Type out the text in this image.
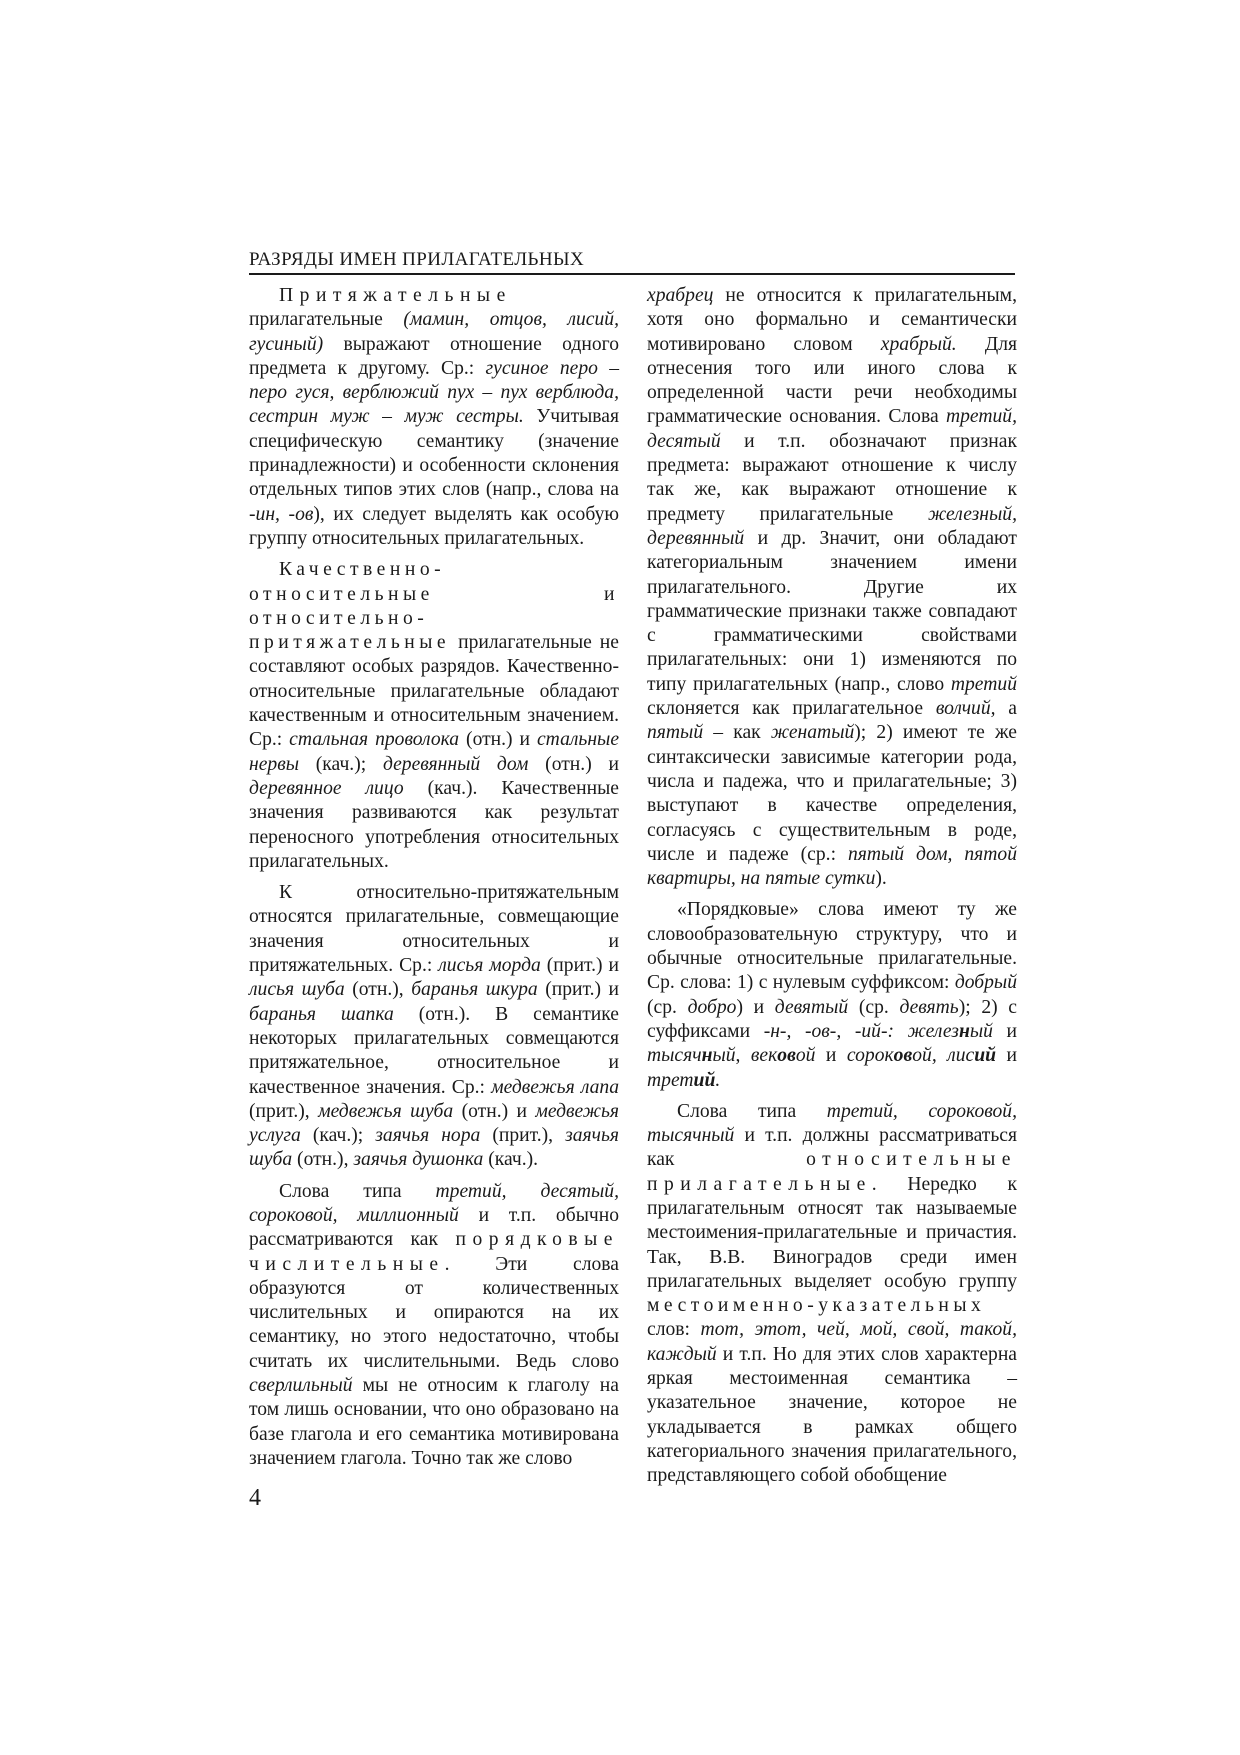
РАЗРЯДЫ ИМЕН ПРИЛАГАТЕЛЬНЫХ

Притяжательные прилагательные (мамин, отцов, лисий, гусиный) выражают отношение одного предмета к другому. Ср.: гусиное перо – перо гуся, верблюжий пух – пух верблюда, сестрин муж – муж сестры. Учитывая специфическую семантику (значение принадлежности) и особенности склонения отдельных типов этих слов (напр., слова на -ин, -ов), их следует выделять как особую группу относительных прилагательных.

Качественно-относительные и относительно-притяжательные прилагательные не составляют особых разрядов. Качественно-относительные прилагательные обладают качественным и относительным значением. Ср.: стальная проволока (отн.) и стальные нервы (кач.); деревянный дом (отн.) и деревянное лицо (кач.). Качественные значения развиваются как результат переносного употребления относительных прилагательных.

К относительно-притяжательным относятся прилагательные, совмещающие значения относительных и притяжательных. Ср.: лисья морда (прит.) и лисья шуба (отн.), баранья шкура (прит.) и баранья шапка (отн.). В семантике некоторых прилагательных совмещаются притяжательное, относительное и качественное значения. Ср.: медвежья лапа (прит.), медвежья шуба (отн.) и медвежья услуга (кач.); заячья нора (прит.), заячья шуба (отн.), заячья душонка (кач.).

Слова типа третий, десятый, сороковой, миллионный и т.п. обычно рассматриваются как порядковые числительные. Эти слова образуются от количественных числительных и опираются на их семантику, но этого недостаточно, чтобы считать их числительными. Ведь слово сверлильный мы не относим к глаголу на том лишь основании, что оно образовано на базе глагола и его семантика мотивирована значением глагола. Точно так же слово

храбрец не относится к прилагательным, хотя оно формально и семантически мотивировано словом храбрый. Для отнесения того или иного слова к определенной части речи необходимы грамматические основания. Слова третий, десятый и т.п. обозначают признак предмета: выражают отношение к числу так же, как выражают отношение к предмету прилагательные железный, деревянный и др. Значит, они обладают категориальным значением имени прилагательного. Другие их грамматические признаки также совпадают с грамматическими свойствами прилагательных: они 1) изменяются по типу прилагательных (напр., слово третий склоняется как прилагательное волчий, а пятый – как женатый); 2) имеют те же синтаксически зависимые категории рода, числа и падежа, что и прилагательные; 3) выступают в качестве определения, согласуясь с существительным в роде, числе и падеже (ср.: пятый дом, пятой квартиры, на пятые сутки).

«Порядковые» слова имеют ту же словообразовательную структуру, что и обычные относительные прилагательные. Ср. слова: 1) с нулевым суффиксом: добрый (ср. добро) и девятый (ср. девять); 2) с суффиксами -н-, -ов-, -ий-: железный и тысячный, вековой и сороковой, лисий и третий.

Слова типа третий, сороковой, тысячный и т.п. должны рассматриваться как относительные прилагательные. Нередко к прилагательным относят так называемые местоимения-прилагательные и причастия. Так, В.В. Виноградов среди имен прилагательных выделяет особую группу местоименно-указательных слов: тот, этот, чей, мой, свой, такой, каждый и т.п. Но для этих слов характерна яркая местоименная семантика – указательное значение, которое не укладывается в рамках общего категориального значения прилагательного, представляющего собой обобщение

4
